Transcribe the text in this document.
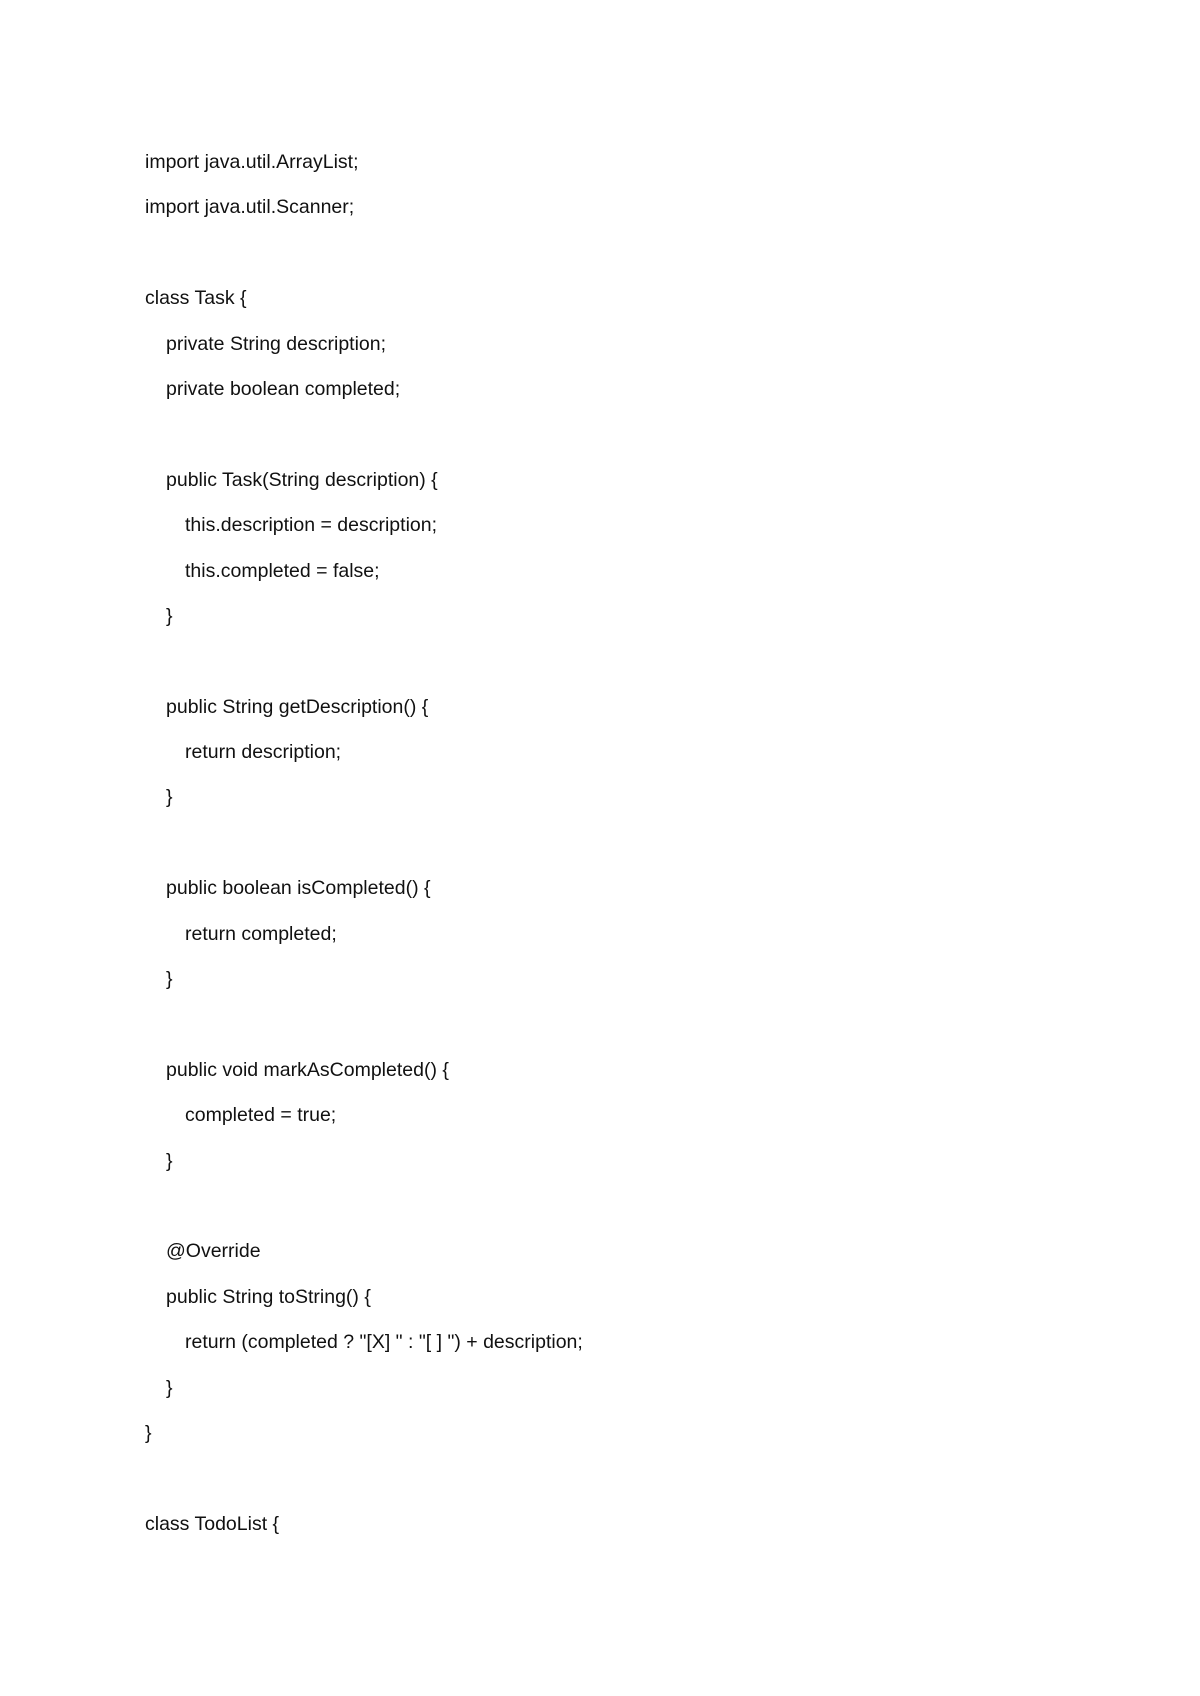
import java.util.ArrayList;
import java.util.Scanner;
class Task {
private String description;
private boolean completed;
public Task(String description) {
this.description = description;
this.completed = false;
}
public String getDescription() {
return description;
}
public boolean isCompleted() {
return completed;
}
public void markAsCompleted() {
completed = true;
}
@Override
public String toString() {
return (completed ? "[X] " : "[ ] ") + description;
}
}
class TodoList {
